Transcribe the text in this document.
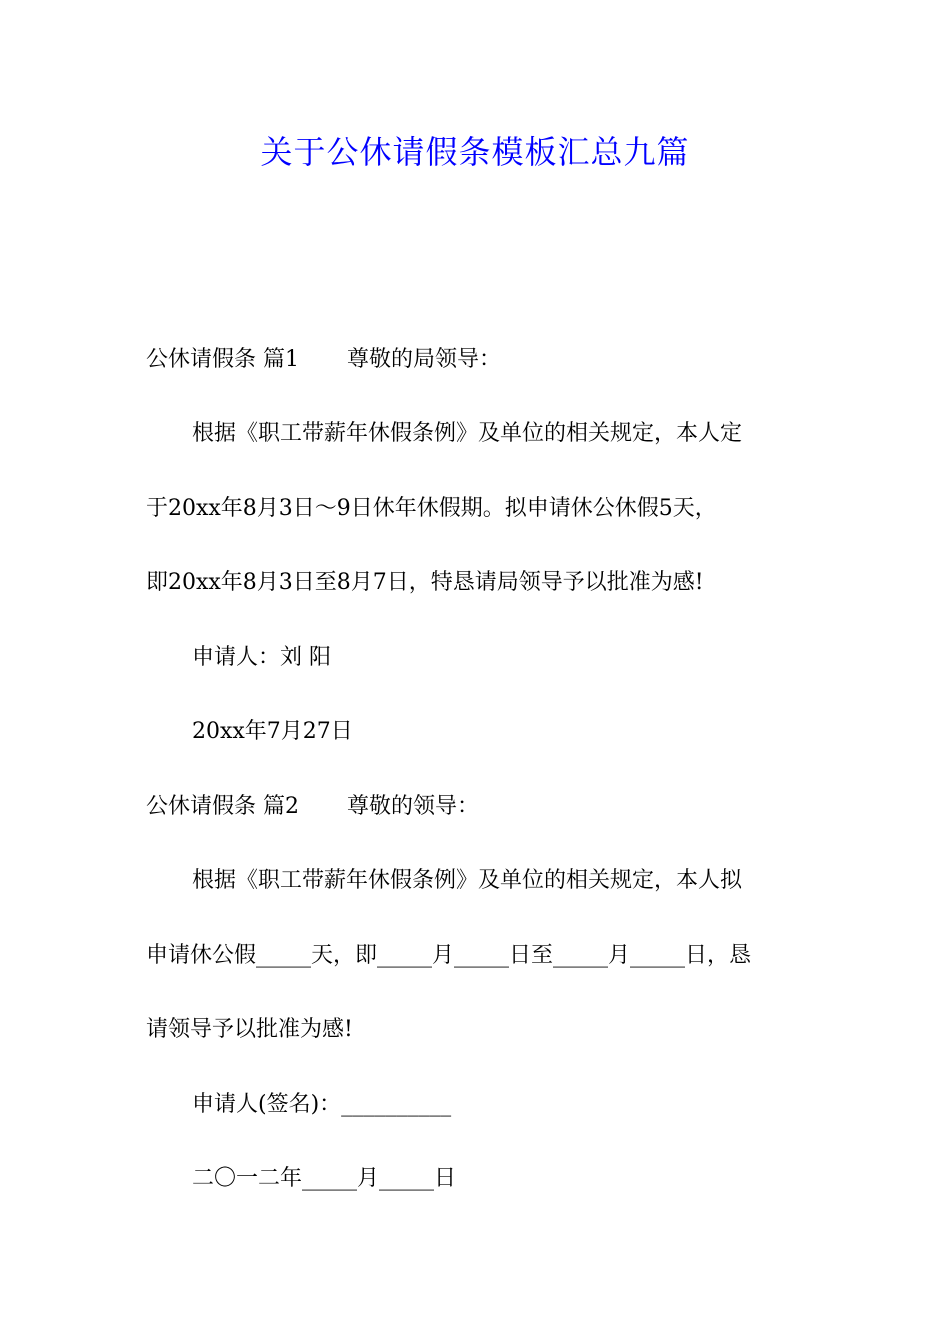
关于公休请假条模板汇总九篇
公休请假条 篇1 尊敬的局领导：
根据《职工带薪年休假条例》及单位的相关规定，本人定
于20xx年8月3日～9日休年休假期。拟申请休公休假5天，
即20xx年8月3日至8月7日，特恳请局领导予以批准为感!
申请人：刘 阳
20xx年7月27日
公休请假条 篇2 尊敬的领导：
根据《职工带薪年休假条例》及单位的相关规定，本人拟
申请休公假_____天，即_____月_____日至_____月_____日，恳
请领导予以批准为感!
申请人(签名)：__________
二〇一二年_____月_____日
